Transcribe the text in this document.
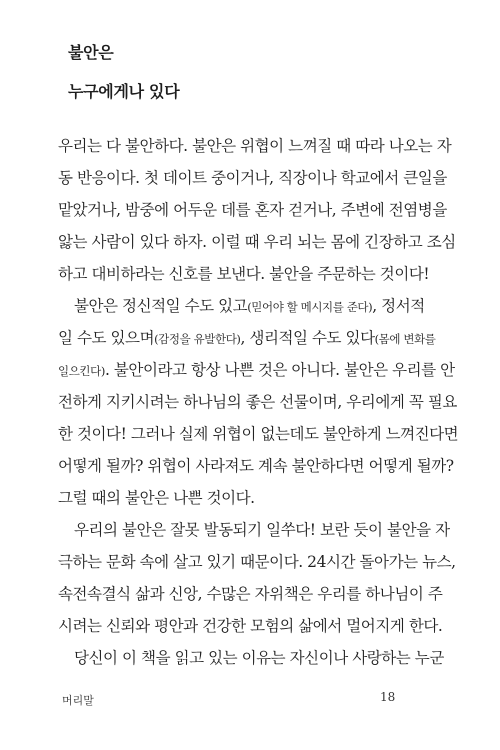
불안은
누구에게나 있다
우리는 다 불안하다. 불안은 위협이 느껴질 때 따라 나오는 자
동 반응이다. 첫 데이트 중이거나, 직장이나 학교에서 큰일을
맡았거나, 밤중에 어두운 데를 혼자 걷거나, 주변에 전염병을
앓는 사람이 있다 하자. 이럴 때 우리 뇌는 몸에 긴장하고 조심
하고 대비하라는 신호를 보낸다. 불안을 주문하는 것이다!
불안은 정신적일 수도 있고(믿어야 할 메시지를 준다), 정서적
일 수도 있으며(감정을 유발한다), 생리적일 수도 있다(몸에 변화를
일으킨다). 불안이라고 항상 나쁜 것은 아니다. 불안은 우리를 안
전하게 지키시려는 하나님의 좋은 선물이며, 우리에게 꼭 필요
한 것이다! 그러나 실제 위협이 없는데도 불안하게 느껴진다면
어떻게 될까? 위협이 사라져도 계속 불안하다면 어떻게 될까?
그럴 때의 불안은 나쁜 것이다.
우리의 불안은 잘못 발동되기 일쑤다! 보란 듯이 불안을 자
극하는 문화 속에 살고 있기 때문이다. 24시간 돌아가는 뉴스,
속전속결식 삶과 신앙, 수많은 자위책은 우리를 하나님이 주
시려는 신뢰와 평안과 건강한 모험의 삶에서 멀어지게 한다.
당신이 이 책을 읽고 있는 이유는 자신이나 사랑하는 누군
머리말	18
